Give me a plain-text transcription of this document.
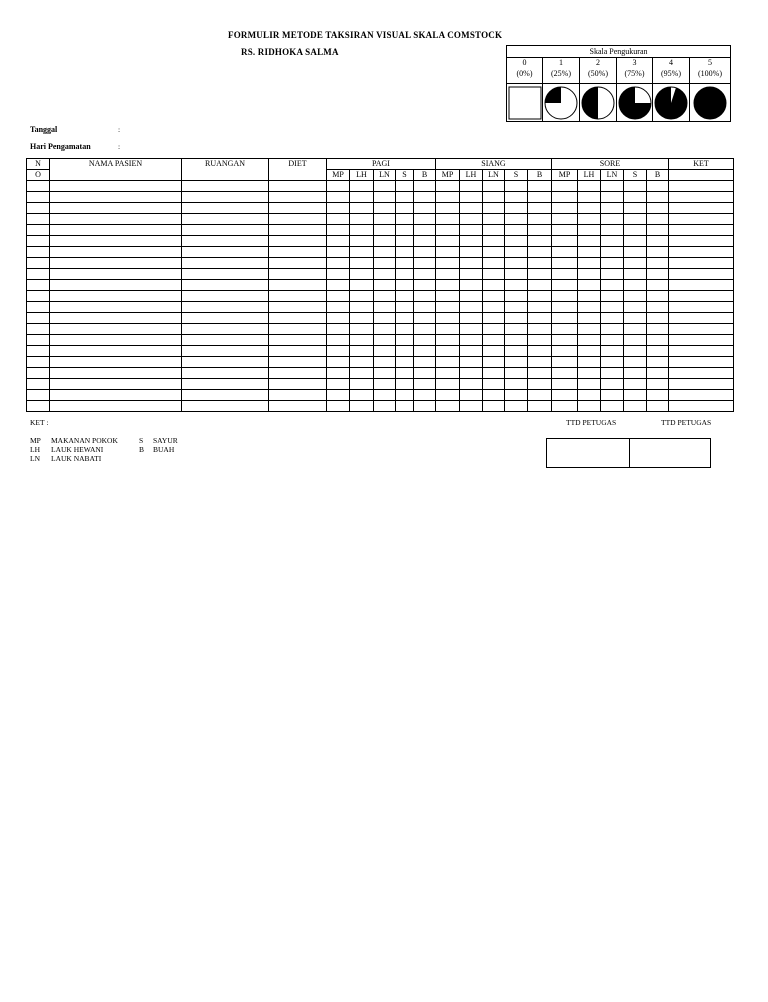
FORMULIR METODE TAKSIRAN VISUAL SKALA COMSTOCK
RS. RIDHOKA SALMA	Skala Pengukuran
0
(0%)
1
(25%)
2
(50%)
3
(75%)
4
(95%)
5
(100%)
Tanggal	:
Hari Pengamatan	:
N	NAMA PASIEN	RUANGAN	DIET	PAGI					SIANG					SORE					KET
O				MP	LH	LN	S	B	MP	LH	LN	S	B	MP	LH	LN	S	B	

KET :
MP MAKANAN POKOK	S SAYUR
LH LAUK HEWANI	B BUAH
LN LAUK NABATI
TTD PETUGAS	TTD PETUGAS
